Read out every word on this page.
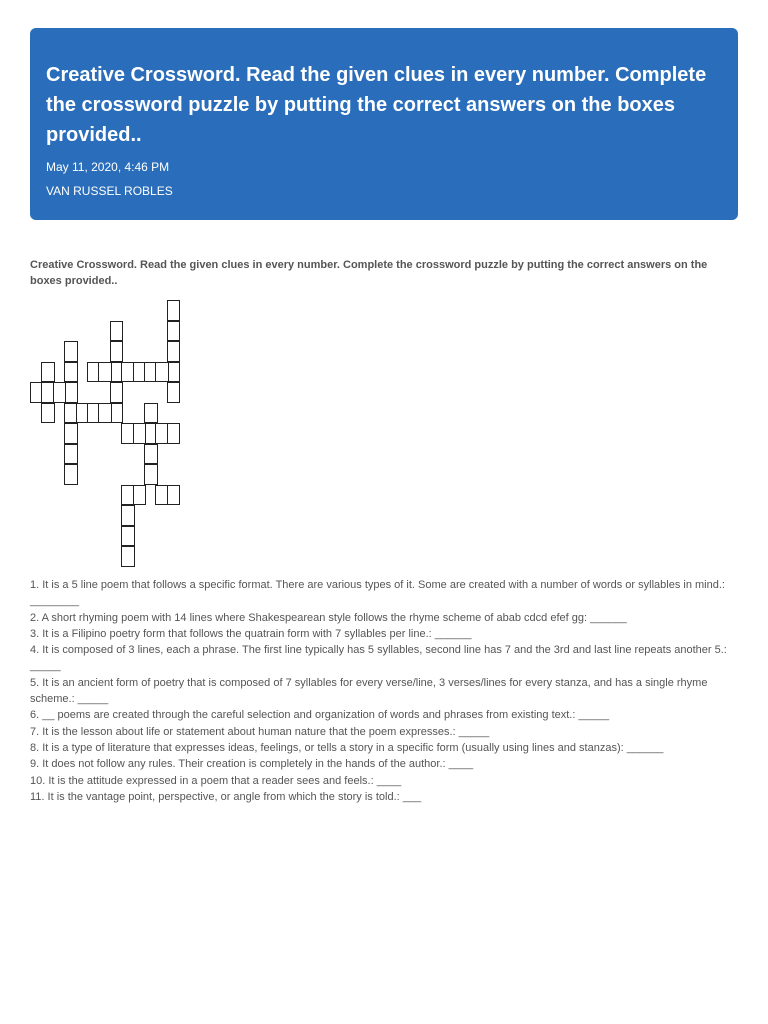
Creative Crossword. Read the given clues in every number. Complete the crossword puzzle by putting the correct answers on the boxes provided..
May 11, 2020, 4:46 PM
VAN RUSSEL ROBLES
Creative Crossword. Read the given clues in every number. Complete the crossword puzzle by putting the correct answers on the boxes provided..

1. It is a 5 line poem that follows a specific format. There are various types of it. Some are created with a number of words or syllables in mind.: ________

2. A short rhyming poem with 14 lines where Shakespearean style follows the rhyme scheme of abab cdcd efef gg: ______

3. It is a Filipino poetry form that follows the quatrain form with 7 syllables per line.: ______

4. It is composed of 3 lines, each a phrase. The first line typically has 5 syllables, second line has 7 and the 3rd and last line repeats another 5.: _____

5. It is an ancient form of poetry that is composed of 7 syllables for every verse/line, 3 verses/lines for every stanza, and has a single rhyme scheme.: _____

6. __ poems are created through the careful selection and organization of words and phrases from existing text.: _____

7. It is the lesson about life or statement about human nature that the poem expresses.: _____

8. It is a type of literature that expresses ideas, feelings, or tells a story in a specific form (usually using lines and stanzas): ______

9. It does not follow any rules. Their creation is completely in the hands of the author.: ____

10. It is the attitude expressed in a poem that a reader sees and feels.: ____

11. It is the vantage point, perspective, or angle from which the story is told.: ___
